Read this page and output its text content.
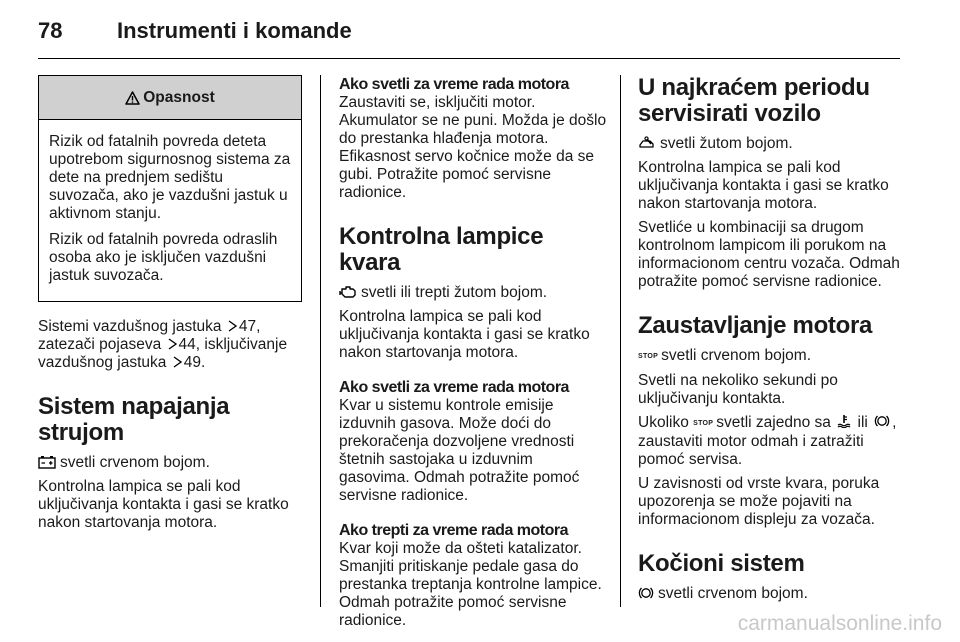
78 Instrumenti i komande
Opasnost

Rizik od fatalnih povreda deteta upotrebom sigurnosnog sistema za dete na prednjem sedištu suvozača, ako je vazdušni jastuk u aktivnom stanju.

Rizik od fatalnih povreda odraslih osoba ako je isključen vazdušni jastuk suvozača.

Sistemi vazdušnog jastuka 47, zatezači pojaseva 44, isključivanje vazdušnog jastuka 49.

Sistem napajanja strujom

svetli crvenom bojom.

Kontrolna lampica se pali kod uključivanja kontakta i gasi se kratko nakon startovanja motora.

Ako svetli za vreme rada motora

Zaustaviti se, isključiti motor. Akumulator se ne puni. Možda je došlo do prestanka hlađenja motora. Efikasnost servo kočnice može da se gubi. Potražite pomoć servisne radionice.

Kontrolna lampice kvara

svetli ili trepti žutom bojom.

Kontrolna lampica se pali kod uključivanja kontakta i gasi se kratko nakon startovanja motora.

Ako svetli za vreme rada motora

Kvar u sistemu kontrole emisije izduvnih gasova. Može doći do prekoračenja dozvoljene vrednosti štetnih sastojaka u izduvnim gasovima. Odmah potražite pomoć servisne radionice.

Ako trepti za vreme rada motora

Kvar koji može da ošteti katalizator. Smanjiti pritiskanje pedale gasa do prestanka treptanja kontrolne lampice. Odmah potražite pomoć servisne radionice.

U najkraćem periodu servisirati vozilo

svetli žutom bojom.

Kontrolna lampica se pali kod uključivanja kontakta i gasi se kratko nakon startovanja motora.

Svetliće u kombinaciji sa drugom kontrolnom lampicom ili porukom na informacionom centru vozača. Odmah potražite pomoć servisne radionice.

Zaustavljanje motora

STOP svetli crvenom bojom.

Svetli na nekoliko sekundi po uključivanju kontakta.

Ukoliko STOP svetli zajedno sa ili , zaustaviti motor odmah i zatražiti pomoć servisa.

U zavisnosti od vrste kvara, poruka upozorenja se može pojaviti na informacionom displeju za vozača.

Kočioni sistem

svetli crvenom bojom.

carmanualsonline.info
